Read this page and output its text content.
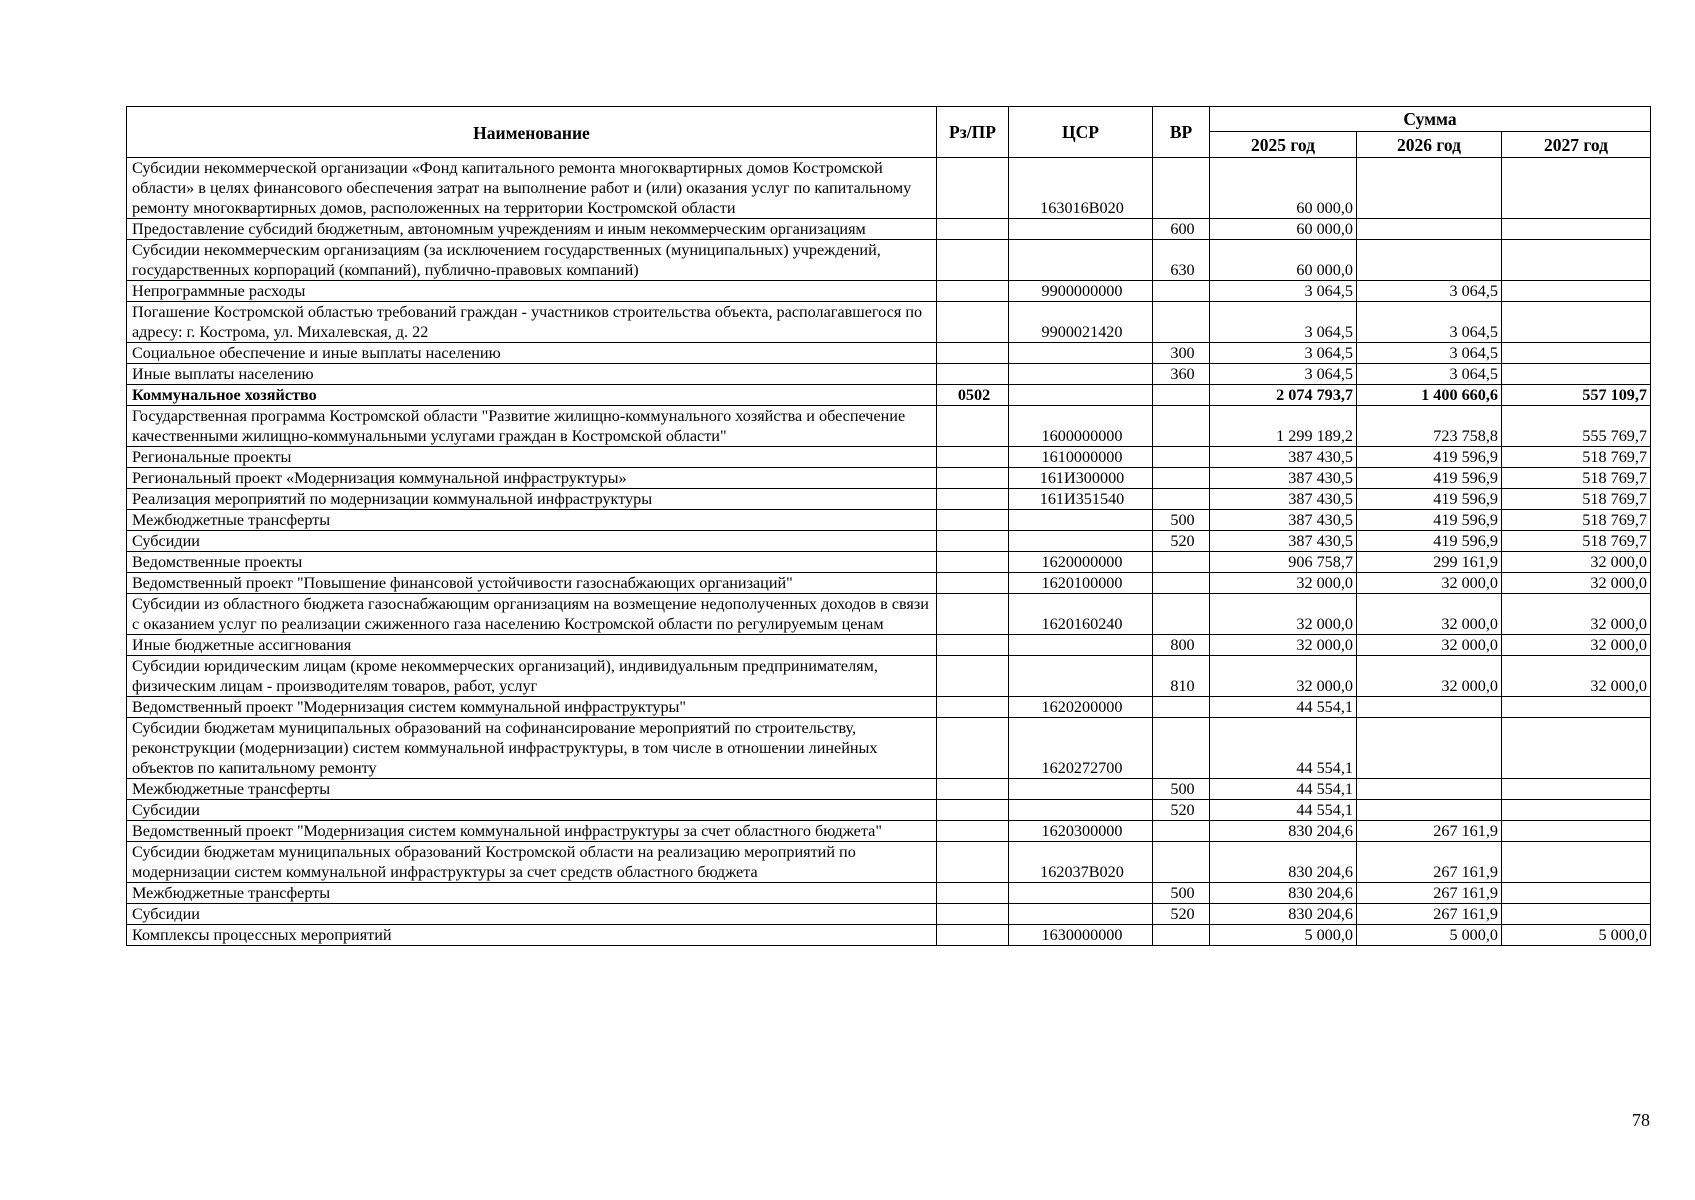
Наименование	Рз/ПР	ЦСР	ВР	Сумма		
				2025 год	2026 год	2027 год
Субсидии некоммерческой организации «Фонд капитального ремонта многоквартирных домов Костромской области» в целях финансового обеспечения затрат на выполнение работ и (или) оказания услуг по капитальному ремонту многоквартирных домов, расположенных на территории Костромской области		163016В020		60 000,0		
Предоставление субсидий бюджетным, автономным учреждениям и иным некоммерческим организациям			600	60 000,0		
Субсидии некоммерческим организациям (за исключением государственных (муниципальных) учреждений, государственных корпораций (компаний), публично-правовых компаний)			630	60 000,0		
Непрограммные расходы		9900000000		3 064,5	3 064,5	
Погашение Костромской областью требований граждан - участников строительства объекта, располагавшегося по адресу: г. Кострома, ул. Михалевская, д. 22		9900021420		3 064,5	3 064,5	
Социальное обеспечение и иные выплаты населению			300	3 064,5	3 064,5	
Иные выплаты населению			360	3 064,5	3 064,5	
Коммунальное хозяйство	0502			2 074 793,7	1 400 660,6	557 109,7
Государственная программа Костромской области "Развитие жилищно-коммунального хозяйства и обеспечение качественными жилищно-коммунальными услугами граждан в Костромской области"		1600000000		1 299 189,2	723 758,8	555 769,7
Региональные проекты		1610000000		387 430,5	419 596,9	518 769,7
Региональный проект «Модернизация коммунальной инфраструктуры»		161И300000		387 430,5	419 596,9	518 769,7
Реализация мероприятий по модернизации коммунальной инфраструктуры		161И351540		387 430,5	419 596,9	518 769,7
Межбюджетные трансферты			500	387 430,5	419 596,9	518 769,7
Субсидии			520	387 430,5	419 596,9	518 769,7
Ведомственные проекты		1620000000		906 758,7	299 161,9	32 000,0
Ведомственный проект "Повышение финансовой устойчивости газоснабжающих организаций"		1620100000		32 000,0	32 000,0	32 000,0
Субсидии из областного бюджета газоснабжающим организациям на возмещение недополученных доходов в связи с оказанием услуг по реализации сжиженного газа населению Костромской области по регулируемым ценам		1620160240		32 000,0	32 000,0	32 000,0
Иные бюджетные ассигнования			800	32 000,0	32 000,0	32 000,0
Субсидии юридическим лицам (кроме некоммерческих организаций), индивидуальным предпринимателям, физическим лицам - производителям товаров, работ, услуг			810	32 000,0	32 000,0	32 000,0
Ведомственный проект "Модернизация систем коммунальной инфраструктуры"		1620200000		44 554,1		
Субсидии бюджетам муниципальных образований на софинансирование мероприятий по строительству, реконструкции (модернизации) систем коммунальной инфраструктуры, в том числе в отношении линейных объектов по капитальному ремонту		1620272700		44 554,1		
Межбюджетные трансферты			500	44 554,1		
Субсидии			520	44 554,1		
Ведомственный проект "Модернизация систем коммунальной инфраструктуры за счет областного бюджета"		1620300000		830 204,6	267 161,9	
Субсидии бюджетам муниципальных образований Костромской области на реализацию мероприятий по модернизации систем коммунальной инфраструктуры за счет средств областного бюджета		162037В020		830 204,6	267 161,9	
Межбюджетные трансферты			500	830 204,6	267 161,9	
Субсидии			520	830 204,6	267 161,9	
Комплексы процессных мероприятий		1630000000		5 000,0	5 000,0	5 000,0
78
